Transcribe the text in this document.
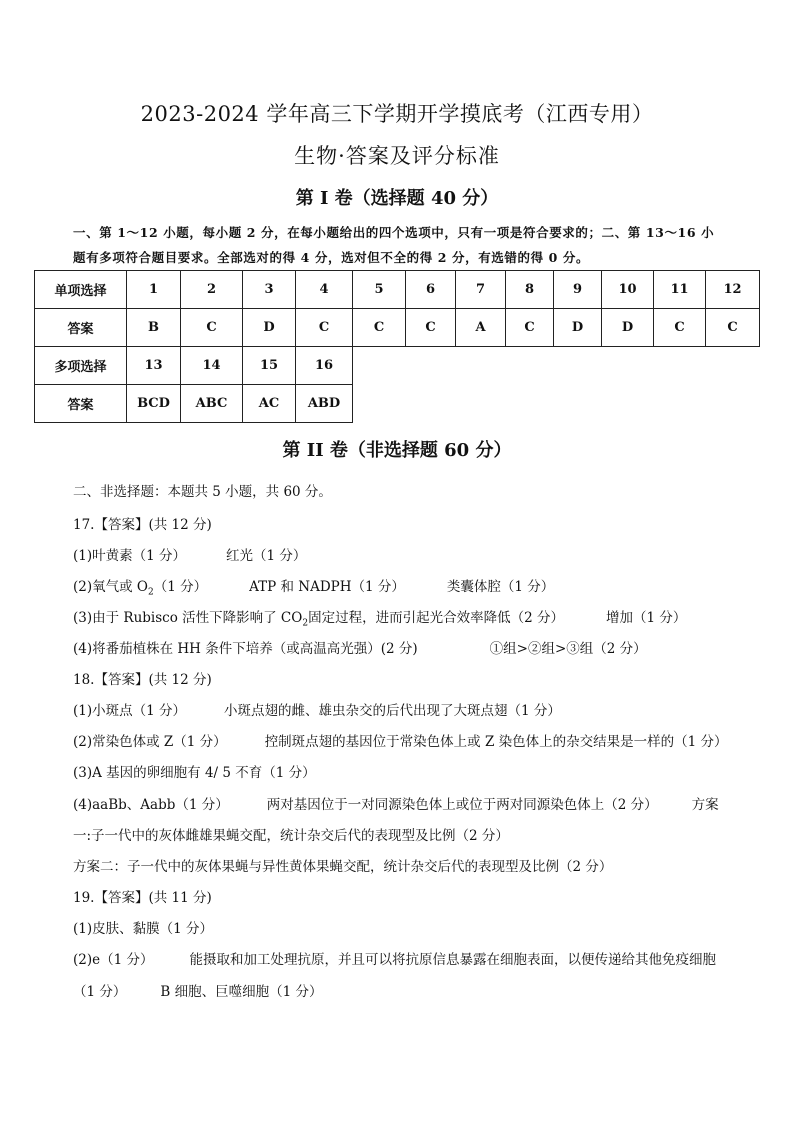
2023-2024 学年高三下学期开学摸底考（江西专用）
生物·答案及评分标准
第 I 卷（选择题 40 分）
一、第 1～12 小题，每小题 2 分，在每小题给出的四个选项中，只有一项是符合要求的；二、第 13～16 小
题有多项符合题目要求。全部选对的得 4 分，选对但不全的得 2 分，有选错的得 0 分。
单项选择	1	2	3	4	5	6	7	8	9	10	11	12
答案	B	C	D	C	C	C	A	C	D	D	C	C
多项选择	13	14	15	16								
答案	BCD	ABC	AC	ABD								
第 II 卷（非选择题 60 分）
二、非选择题：本题共 5 小题，共 60 分。
17.【答案】(共 12 分)
(1)叶黄素（1 分）	红光（1 分）
(2)氧气或 $O_2(1$ 分）	ATP 和 NADPH（1 分）	类囊体腔（1 分）
(3)由于 Rubisco 活性下降影响了 $CO_2$固定过程，进而引起光合效率降低（2 分）	增加（1 分）
(4)将番茄植株在 HH 条件下培养（或高温高光强）(2 分)	①组>②组>③组（2 分）
18.【答案】(共 12 分)
(1)小斑点（1 分）	小斑点翅的雌、雄虫杂交的后代出现了大斑点翅（1 分）
(2)常染色体或 Z（1 分）	控制斑点翅的基因位于常染色体上或 Z 染色体上的杂交结果是一样的（1 分）
(3)A 基因的卵细胞有 4/ 5 不育（1 分）
(4)aaBb、Aabb（1 分）	两对基因位于一对同源染色体上或位于两对同源染色体上（2 分）	方案
一:子一代中的灰体雌雄果蝇交配，统计杂交后代的表现型及比例（2 分）
方案二：子一代中的灰体果蝇与异性黄体果蝇交配，统计杂交后代的表现型及比例（2 分）
19.【答案】(共 11 分)
(1)皮肤、黏膜（1 分）
(2)e（1 分）	能摄取和加工处理抗原，并且可以将抗原信息暴露在细胞表面，以便传递给其他免疫细胞
（1 分）	B 细胞、巨噬细胞（1 分）
